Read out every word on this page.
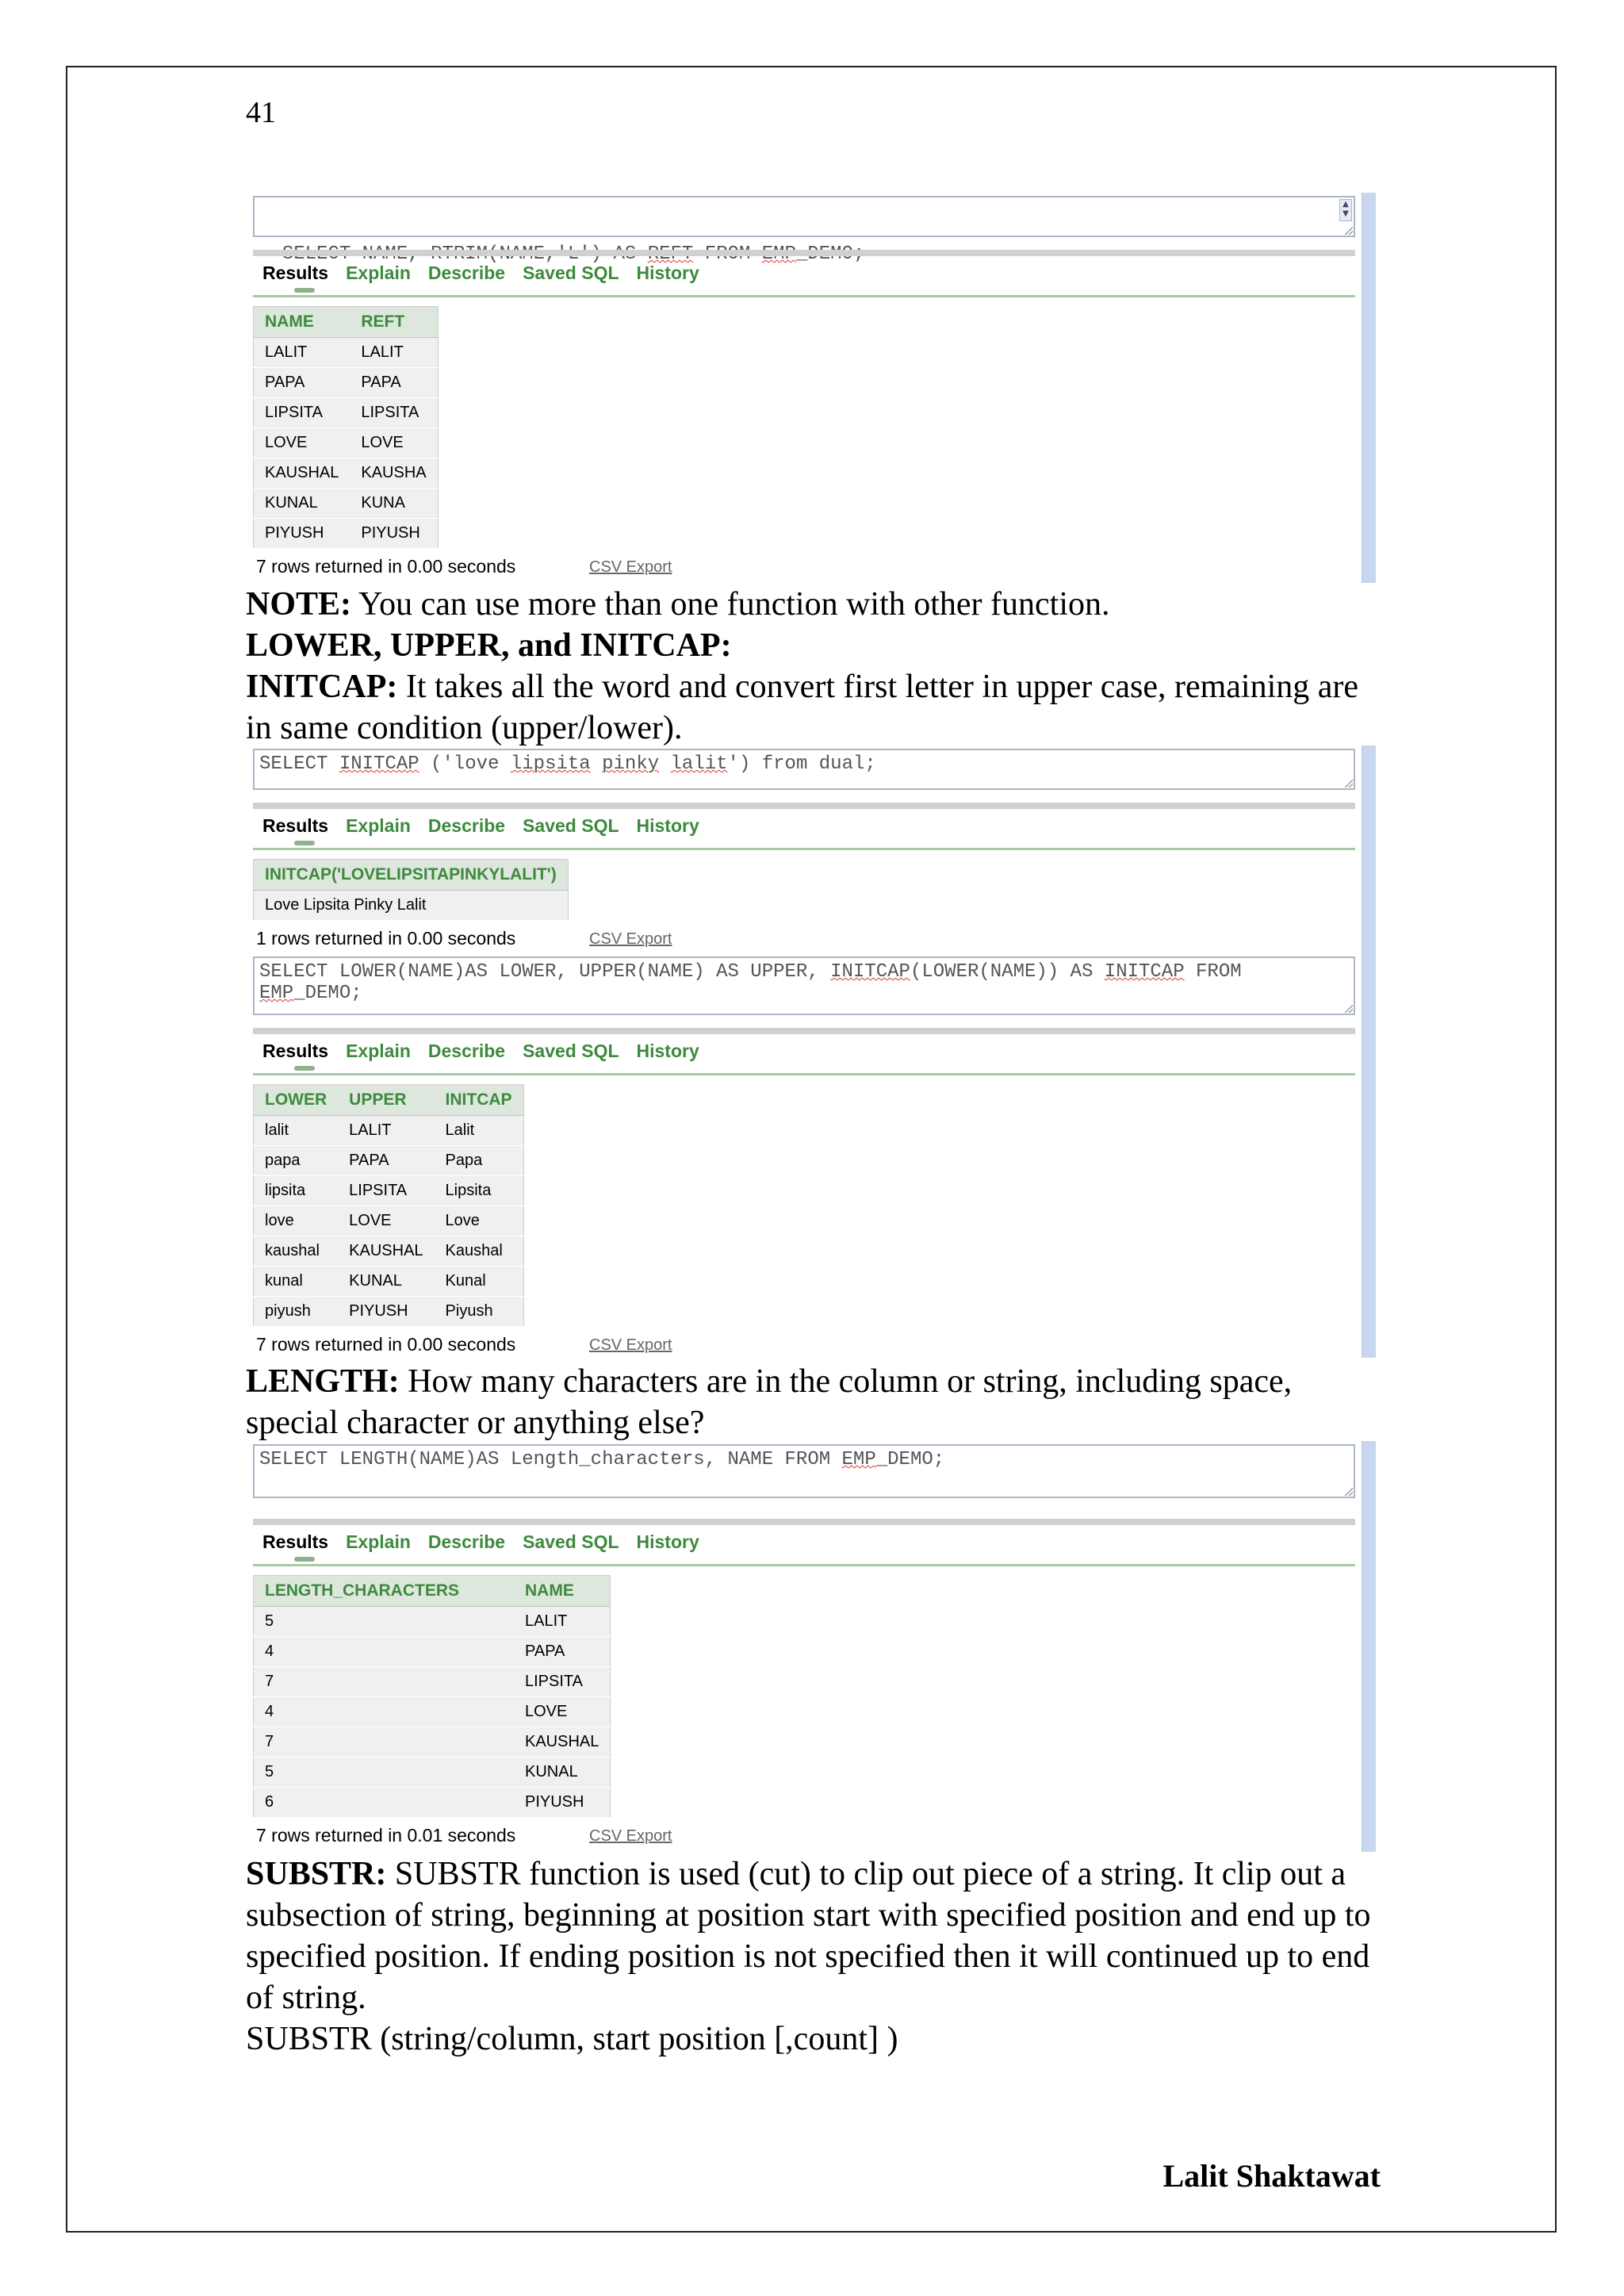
41

▲
▼

Results Explain Describe Saved SQL History
NAME	REFT
LALIT	LALIT
PAPA	PAPA
LIPSITA	LIPSITA
LOVE	LOVE
KAUSHAL	KAUSHA
KUNAL	KUNA
PIYUSH	PIYUSH
7 rows returned in 0.00 seconds	CSV Export
NOTE: You can use more than one function with other function.
LOWER, UPPER, and INITCAP:
INITCAP: It takes all the word and convert first letter in upper case, remaining are in same condition (upper/lower).
SELECT INITCAP ('love lipsita pinky lalit') from dual;
Results Explain Describe Saved SQL History
INITCAP('LOVELIPSITAPINKYLALIT')
Love Lipsita Pinky Lalit
1 rows returned in 0.00 seconds	CSV Export
SELECT LOWER(NAME)AS LOWER, UPPER(NAME) AS UPPER, INITCAP(LOWER(NAME)) AS INITCAP FROM
EMP_DEMO;
Results Explain Describe Saved SQL History
LOWER	UPPER	INITCAP
lalit	LALIT	Lalit
papa	PAPA	Papa
lipsita	LIPSITA	Lipsita
love	LOVE	Love
kaushal	KAUSHAL	Kaushal
kunal	KUNAL	Kunal
piyush	PIYUSH	Piyush
7 rows returned in 0.00 seconds	CSV Export
LENGTH: How many characters are in the column or string, including space, special character or anything else?
SELECT LENGTH(NAME)AS Length_characters, NAME FROM EMP_DEMO;
Results Explain Describe Saved SQL History
LENGTH_CHARACTERS	NAME
5	LALIT
4	PAPA
7	LIPSITA
4	LOVE
7	KAUSHAL
5	KUNAL
6	PIYUSH
7 rows returned in 0.01 seconds	CSV Export
SUBSTR: SUBSTR function is used (cut) to clip out piece of a string. It clip out a subsection of string, beginning at position start with specified position and end up to specified position. If ending position is not specified then it will continued up to end of string.
SUBSTR (string/column, start position [,count] )
Lalit Shaktawat
